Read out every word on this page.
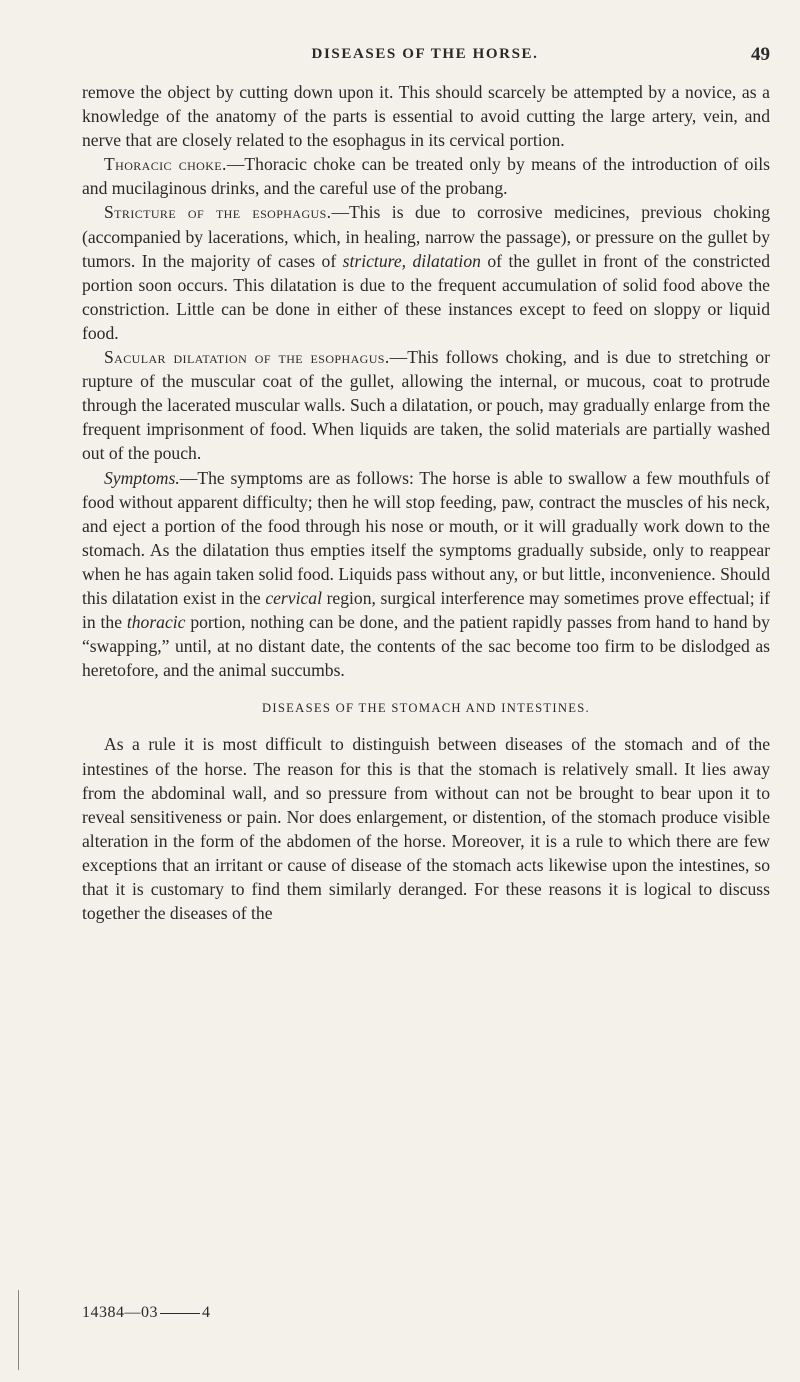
DISEASES OF THE HORSE.	49

remove the object by cutting down upon it. This should scarcely be attempted by a novice, as a knowledge of the anatomy of the parts is essential to avoid cutting the large artery, vein, and nerve that are closely related to the esophagus in its cervical portion.

Thoracic choke.—Thoracic choke can be treated only by means of the introduction of oils and mucilaginous drinks, and the careful use of the probang.

Stricture of the esophagus.—This is due to corrosive medicines, previous choking (accompanied by lacerations, which, in healing, narrow the passage), or pressure on the gullet by tumors. In the majority of cases of stricture, dilatation of the gullet in front of the constricted portion soon occurs. This dilatation is due to the frequent accumulation of solid food above the constriction. Little can be done in either of these instances except to feed on sloppy or liquid food.

Sacular dilatation of the esophagus.—This follows choking, and is due to stretching or rupture of the muscular coat of the gullet, allowing the internal, or mucous, coat to protrude through the lacerated muscular walls. Such a dilatation, or pouch, may gradually enlarge from the frequent imprisonment of food. When liquids are taken, the solid materials are partially washed out of the pouch.

Symptoms.—The symptoms are as follows: The horse is able to swallow a few mouthfuls of food without apparent difficulty; then he will stop feeding, paw, contract the muscles of his neck, and eject a portion of the food through his nose or mouth, or it will gradually work down to the stomach. As the dilatation thus empties itself the symptoms gradually subside, only to reappear when he has again taken solid food. Liquids pass without any, or but little, inconvenience. Should this dilatation exist in the cervical region, surgical interference may sometimes prove effectual; if in the thoracic portion, nothing can be done, and the patient rapidly passes from hand to hand by “swapping,” until, at no distant date, the contents of the sac become too firm to be dislodged as heretofore, and the animal succumbs.

DISEASES OF THE STOMACH AND INTESTINES.

As a rule it is most difficult to distinguish between diseases of the stomach and of the intestines of the horse. The reason for this is that the stomach is relatively small. It lies away from the abdominal wall, and so pressure from without can not be brought to bear upon it to reveal sensitiveness or pain. Nor does enlargement, or distention, of the stomach produce visible alteration in the form of the abdomen of the horse. Moreover, it is a rule to which there are few exceptions that an irritant or cause of disease of the stomach acts likewise upon the intestines, so that it is customary to find them similarly deranged. For these reasons it is logical to discuss together the diseases of the

14384—03	4
